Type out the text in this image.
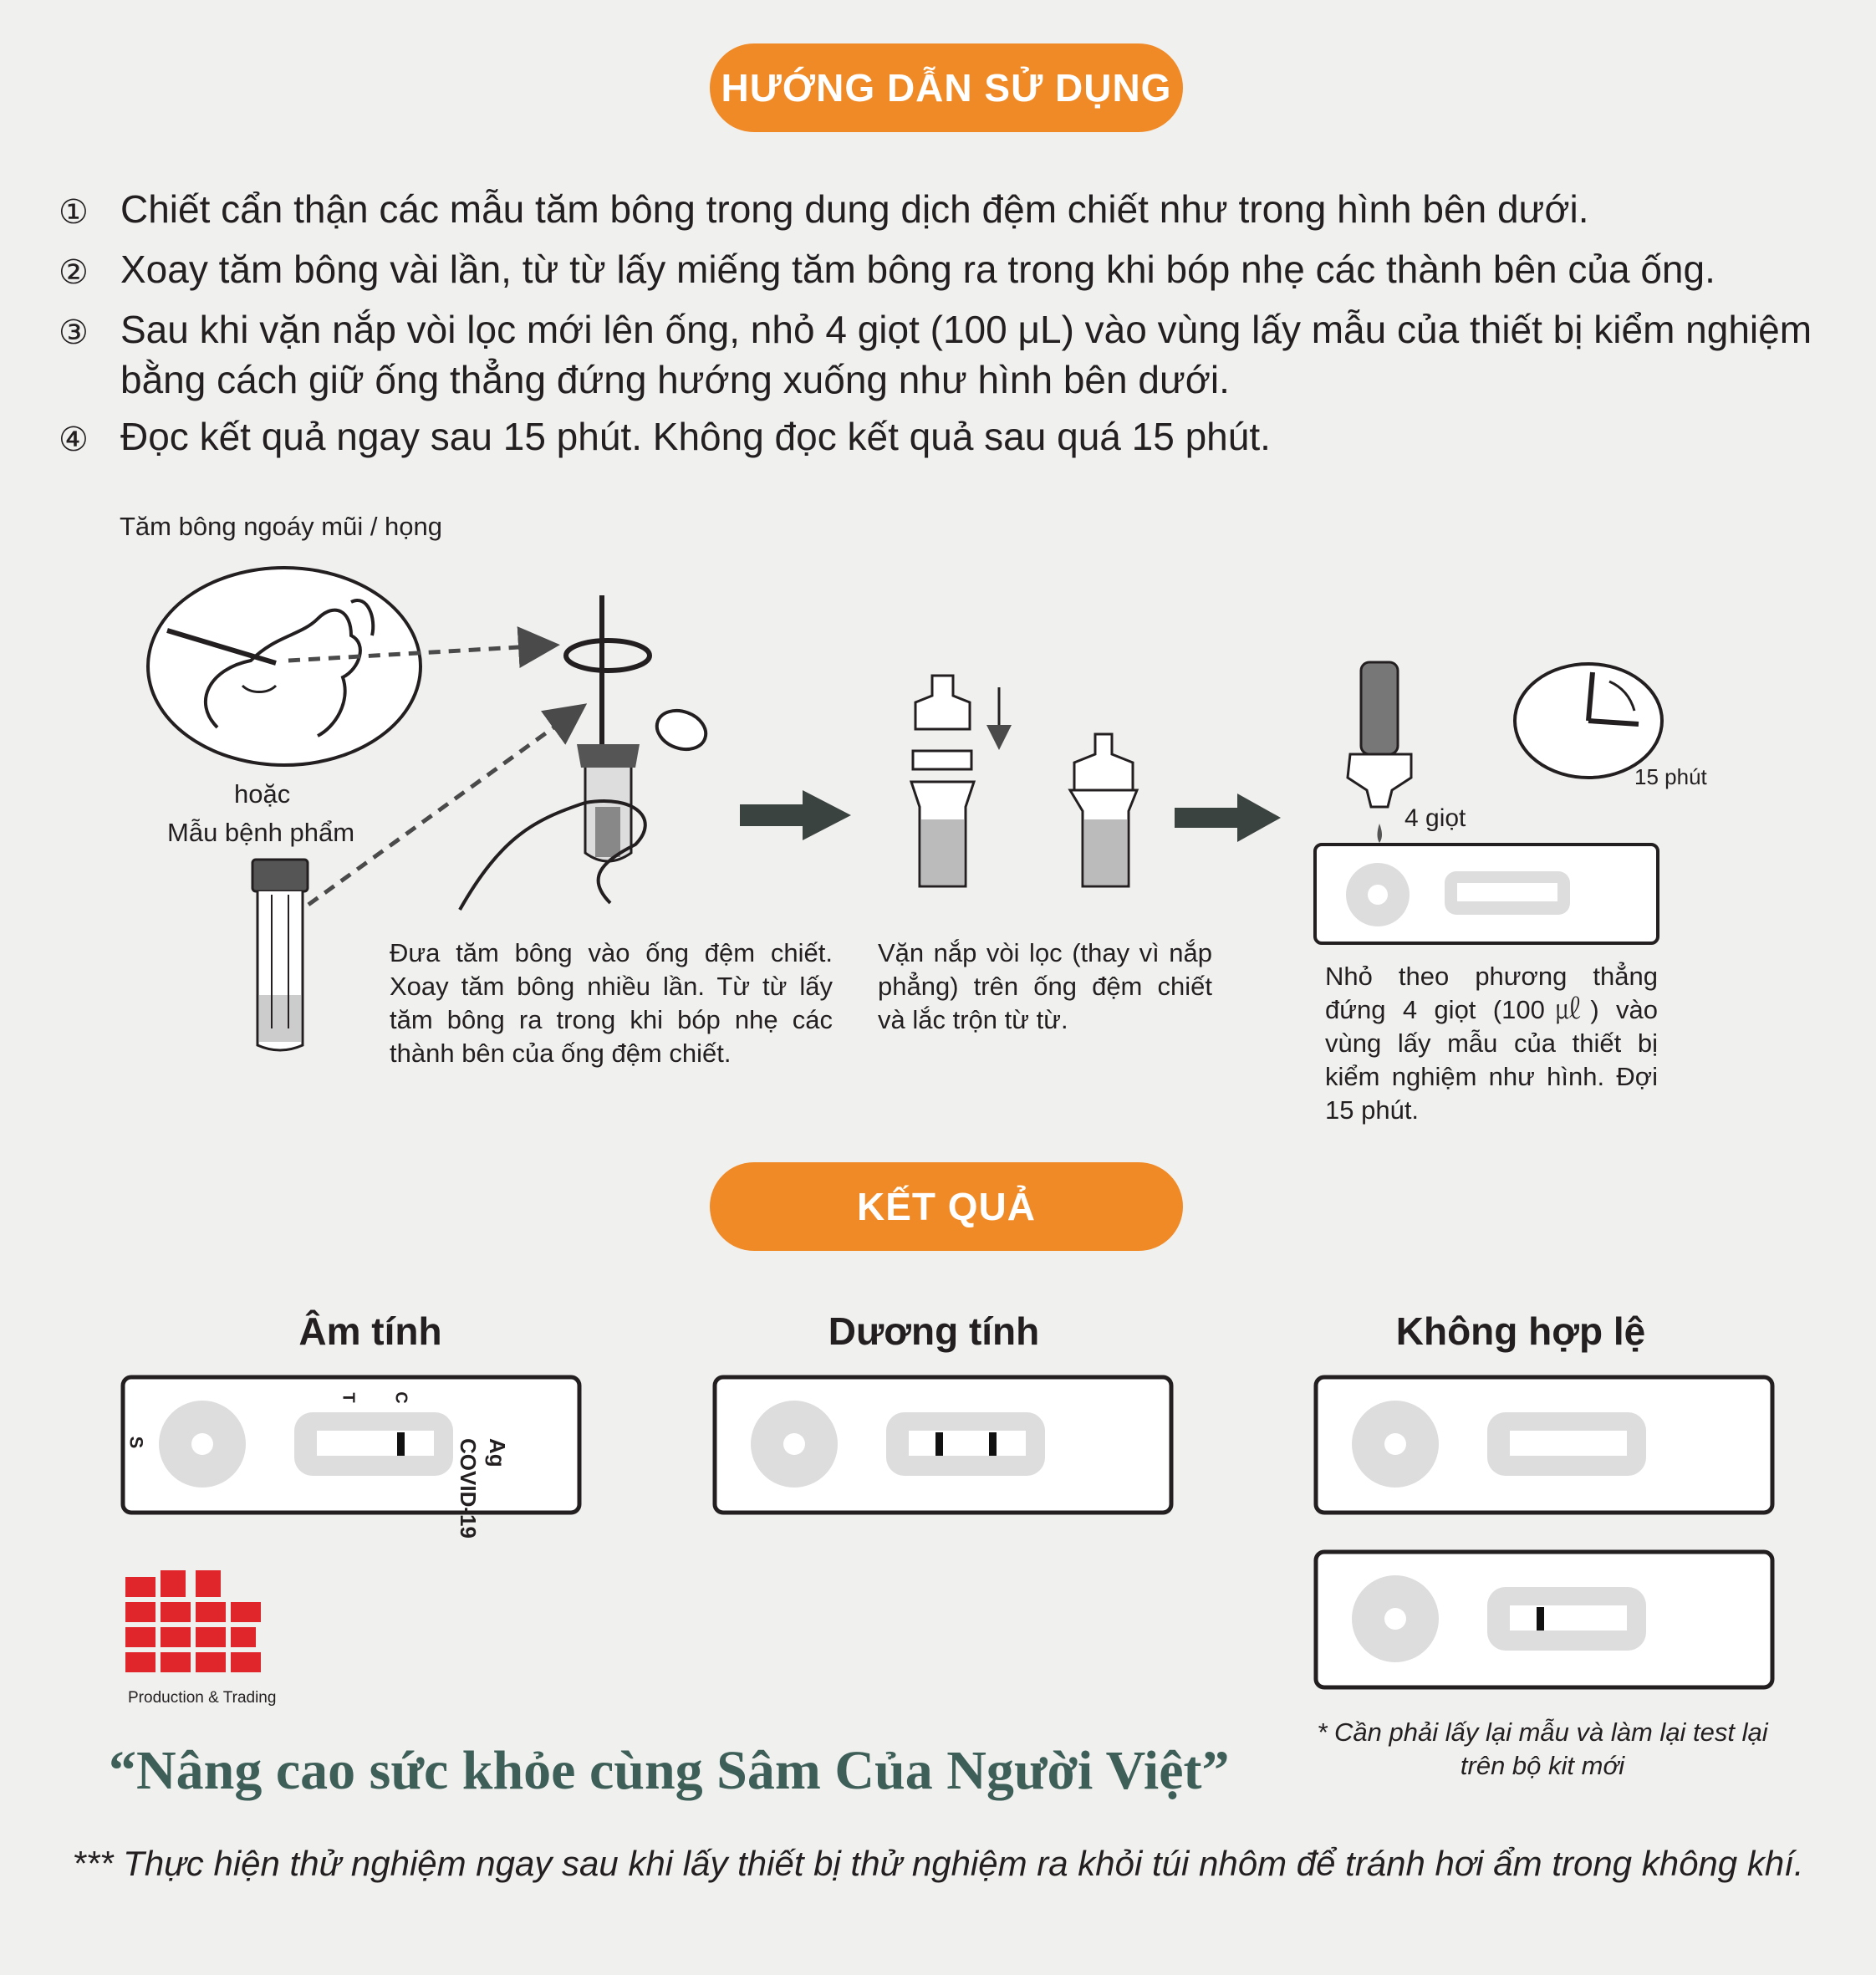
HƯỚNG DẪN SỬ DỤNG
① Chiết cẩn thận các mẫu tăm bông trong dung dịch đệm chiết như trong hình bên dưới.
② Xoay tăm bông vài lần, từ từ lấy miếng tăm bông ra trong khi bóp nhẹ các thành bên của ống.
③ Sau khi vặn nắp vòi lọc mới lên ống, nhỏ 4 giọt (100 μL) vào vùng lấy mẫu của thiết bị kiểm nghiệm bằng cách giữ ống thẳng đứng hướng xuống như hình bên dưới.
④ Đọc kết quả ngay sau 15 phút. Không đọc kết quả sau quá 15 phút.
Tăm bông ngoáy mũi / họng
hoặc
Mẫu bệnh phẩm	4 giọt
15 phút
Đưa tăm bông vào ống đệm chiết. Xoay tăm bông nhiều lần. Từ từ lấy tăm bông ra trong khi bóp nhẹ các thành bên của ống đệm chiết.
Vặn nắp vòi lọc (thay vì nắp phẳng) trên ống đệm chiết và lắc trộn từ từ.
Nhỏ theo phương thẳng đứng 4 giọt (100㎕) vào vùng lấy mẫu của thiết bị kiểm nghiệm như hình. Đợi 15 phút.
KẾT QUẢ
Âm tính	Dương tính	Không hợp lệ
S
T C
COVID-19 Ag
* Cần phải lấy lại mẫu và làm lại test lại trên bộ kit mới
Production & Trading
“Nâng cao sức khỏe cùng Sâm Của Người Việt”
*** Thực hiện thử nghiệm ngay sau khi lấy thiết bị thử nghiệm ra khỏi túi nhôm để tránh hơi ẩm trong không khí.
